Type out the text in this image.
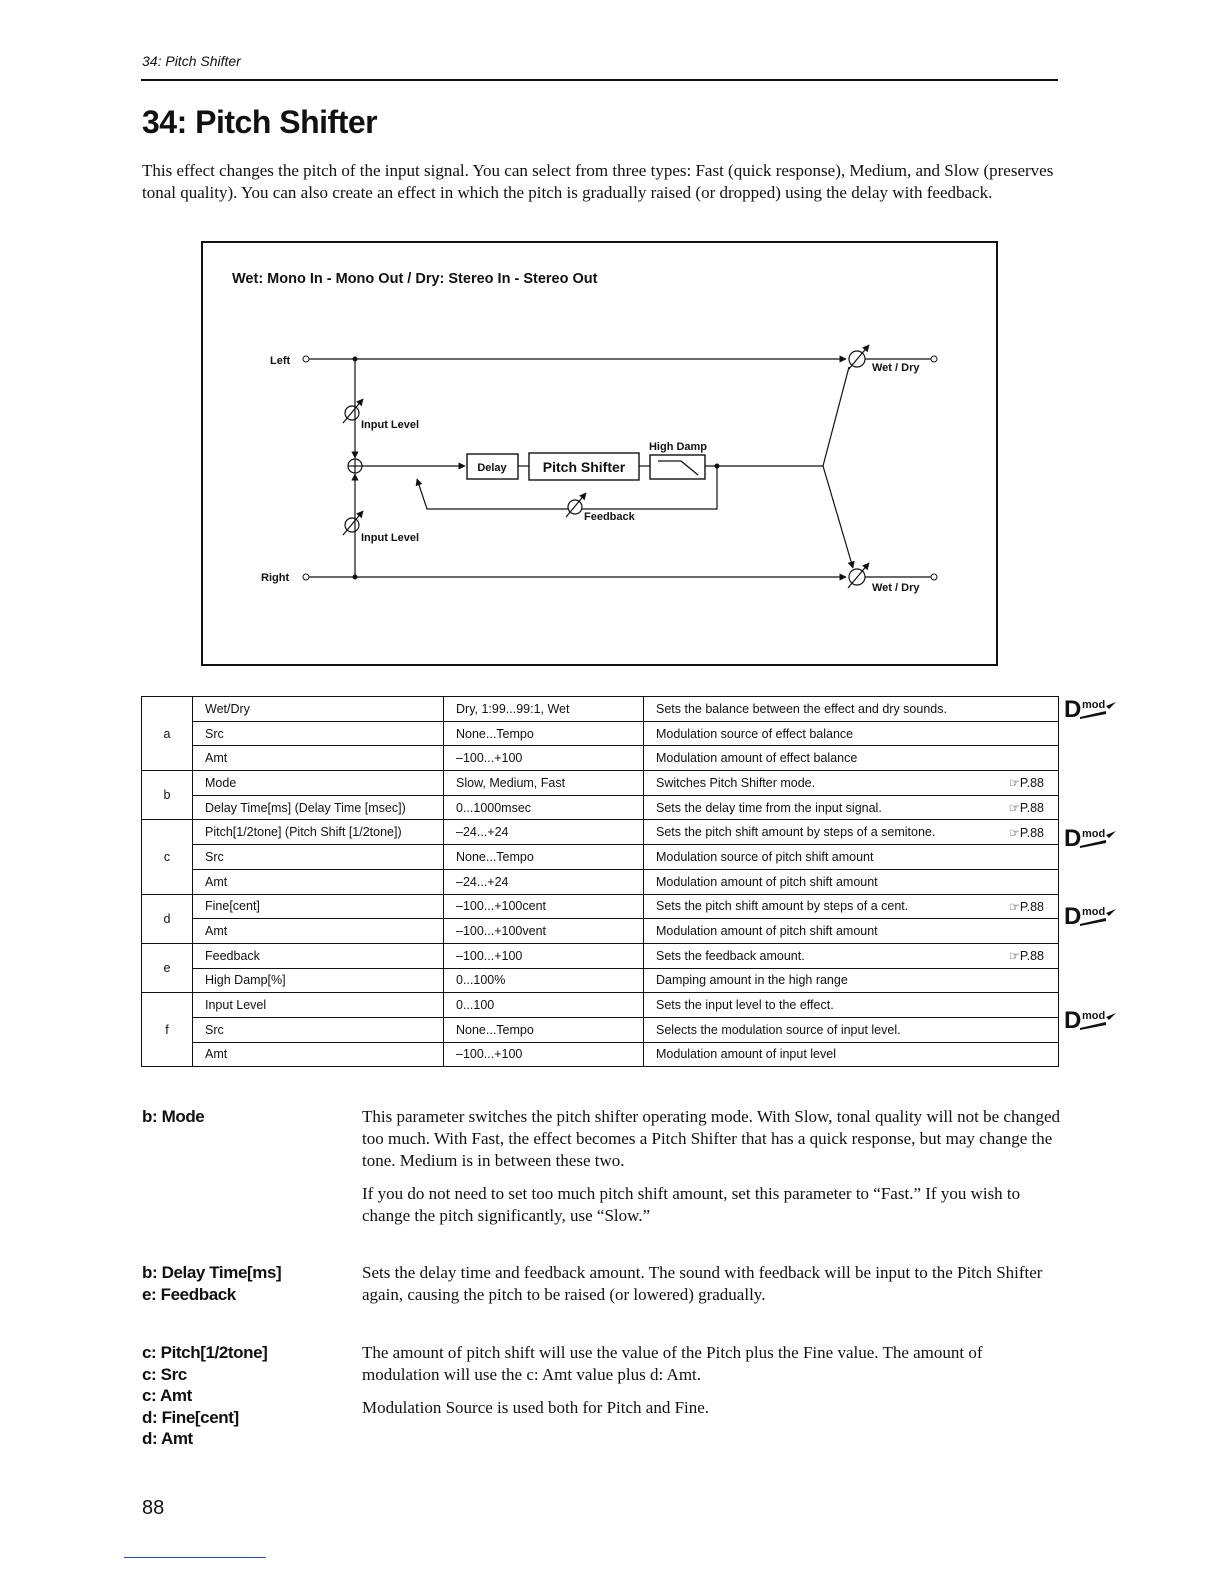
34: Pitch Shifter
34: Pitch Shifter

This effect changes the pitch of the input signal. You can select from three types: Fast (quick response), Medium, and Slow (preserves tonal quality). You can also create an effect in which the pitch is gradually raised (or dropped) using the delay with feedback.

Wet: Mono In - Mono Out / Dry: Stereo In - Stereo Out
Left
Right
Input Level
Input Level
Delay	Pitch Shifter
High Damp
Feedback
Wet / Dry
Wet / Dry
a	Wet/Dry	Dry, 1:99...99:1, Wet	Sets the balance between the effect and dry sounds.

	Src	None...Tempo	Modulation source of effect balance

	Amt	–100...+100	Modulation amount of effect balance

b	Mode	Slow, Medium, Fast	Switches Pitch Shifter mode. ☞P.88

	Delay Time[ms] (Delay Time [msec])	0...1000msec	Sets the delay time from the input signal. ☞P.88

c	Pitch[1/2tone] (Pitch Shift [1/2tone])	–24...+24	Sets the pitch shift amount by steps of a semitone. ☞P.88

	Src	None...Tempo	Modulation source of pitch shift amount

	Amt	–24...+24	Modulation amount of pitch shift amount

d	Fine[cent]	–100...+100cent	Sets the pitch shift amount by steps of a cent. ☞P.88

	Amt	–100...+100vent	Modulation amount of pitch shift amount

e	Feedback	–100...+100	Sets the feedback amount. ☞P.88

	High Damp[%]	0...100%	Damping amount in the high range

f	Input Level	0...100	Sets the input level to the effect.

	Src	None...Tempo	Selects the modulation source of input level.

	Amt	–100...+100	Modulation amount of input level
D mod
D mod
D mod
D mod
b: Mode	This parameter switches the pitch shifter operating mode. With Slow, tonal quality will not be changed too much. With Fast, the effect becomes a Pitch Shifter that has a quick response, but may change the tone. Medium is in between these two.

If you do not need to set too much pitch shift amount, set this parameter to “Fast.” If you wish to change the pitch significantly, use “Slow.”

b: Delay Time[ms]
e: Feedback

Sets the delay time and feedback amount. The sound with feedback will be input to the Pitch Shifter again, causing the pitch to be raised (or lowered) gradually.

c: Pitch[1/2tone]
c: Src
c: Amt
d: Fine[cent]
d: Amt

The amount of pitch shift will use the value of the Pitch plus the Fine value. The amount of modulation will use the c: Amt value plus d: Amt.

Modulation Source is used both for Pitch and Fine.

88
